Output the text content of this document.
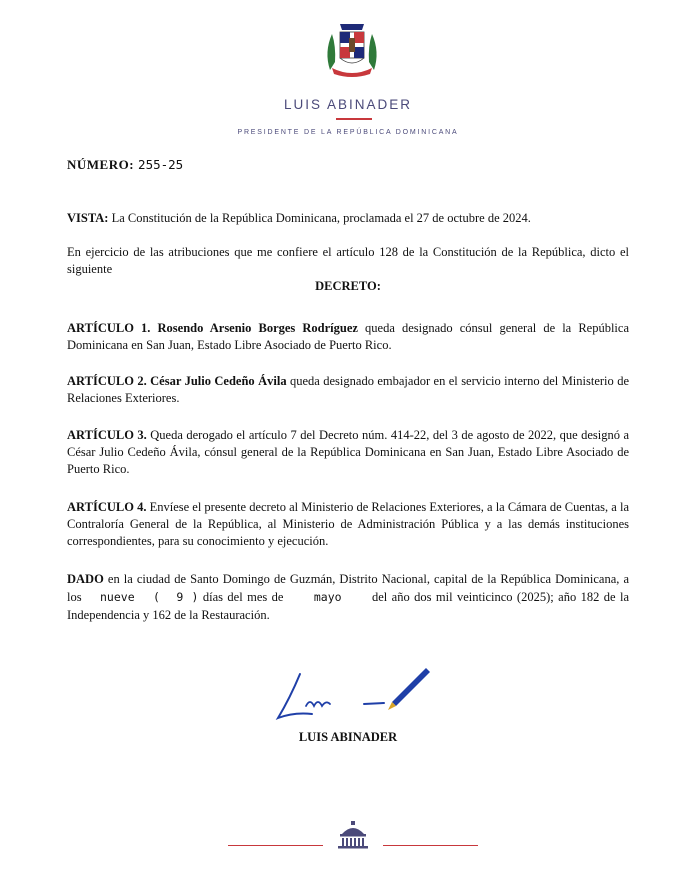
LUIS ABINADER
PRESIDENTE DE LA REPÚBLICA DOMINICANA
NÚMERO: 255-25
VISTA: La Constitución de la República Dominicana, proclamada el 27 de octubre de 2024.
En ejercicio de las atribuciones que me confiere el artículo 128 de la Constitución de la República, dicto el siguiente
DECRETO:
ARTÍCULO 1. Rosendo Arsenio Borges Rodríguez queda designado cónsul general de la República Dominicana en San Juan, Estado Libre Asociado de Puerto Rico.
ARTÍCULO 2. César Julio Cedeño Ávila queda designado embajador en el servicio interno del Ministerio de Relaciones Exteriores.
ARTÍCULO 3. Queda derogado el artículo 7 del Decreto núm. 414-22, del 3 de agosto de 2022, que designó a César Julio Cedeño Ávila, cónsul general de la República Dominicana en San Juan, Estado Libre Asociado de Puerto Rico.
ARTÍCULO 4. Envíese el presente decreto al Ministerio de Relaciones Exteriores, a la Cámara de Cuentas, a la Contraloría General de la República, al Ministerio de Administración Pública y a las demás instituciones correspondientes, para su conocimiento y ejecución.
DADO en la ciudad de Santo Domingo de Guzmán, Distrito Nacional, capital de la República Dominicana, a los nueve (  9 ) días del mes de mayo del año dos mil veinticinco (2025); año 182 de la Independencia y 162 de la Restauración.
LUIS ABINADER
